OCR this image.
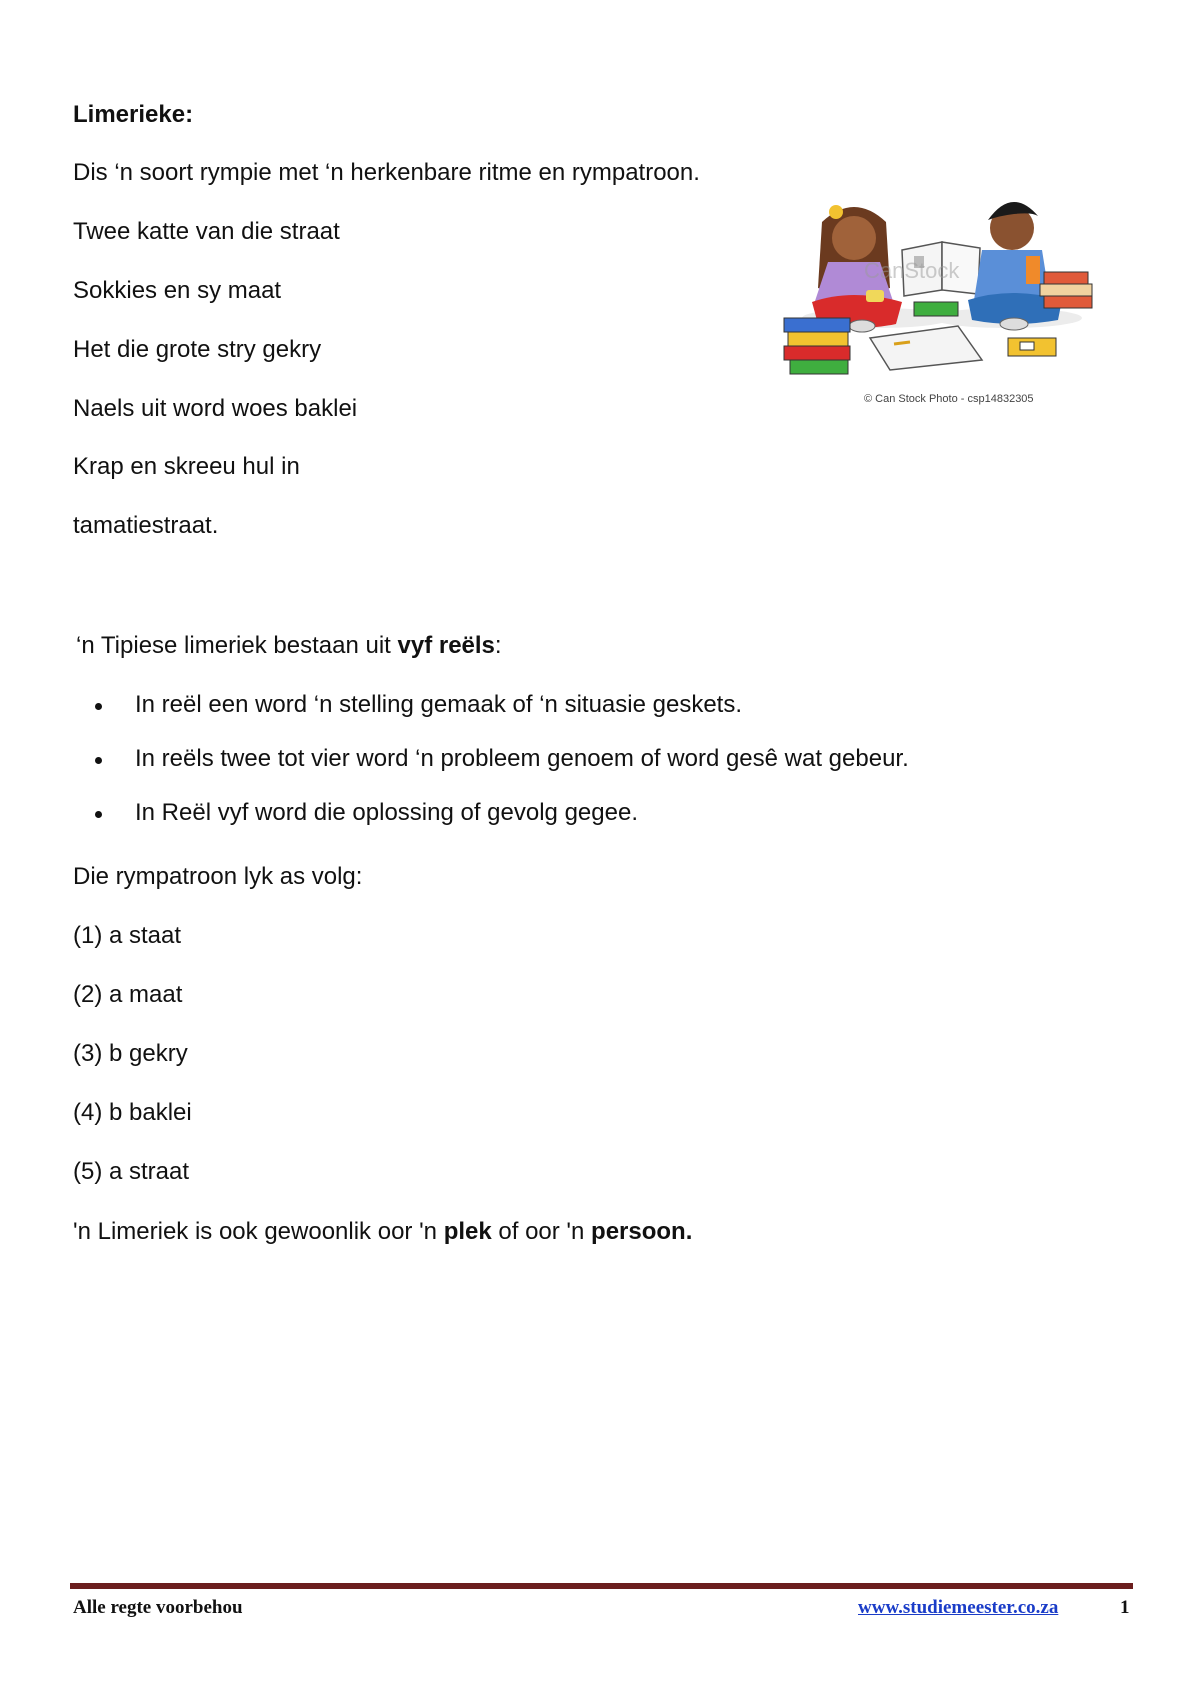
Limerieke:
Dis ‘n soort rympie met ‘n herkenbare ritme en rympatroon.
Twee katte van die straat
Sokkies en sy maat
Het die grote stry gekry
Naels uit word woes baklei
Krap en skreeu hul in
tamatiestraat.
CanStock
© Can Stock Photo - csp14832305
‘n Tipiese limeriek bestaan uit vyf reëls:
In reël een word ‘n stelling gemaak of ‘n situasie geskets.
In reëls twee tot vier word ‘n probleem genoem of word gesê wat gebeur.
In Reël vyf word die oplossing of gevolg gegee.
Die rympatroon lyk as volg:
(1) a staat
(2) a maat
(3) b gekry
(4) b baklei
(5) a straat
'n Limeriek is ook gewoonlik oor 'n plek of oor 'n persoon.
Alle regte voorbehou	www.studiemeester.co.za	1
